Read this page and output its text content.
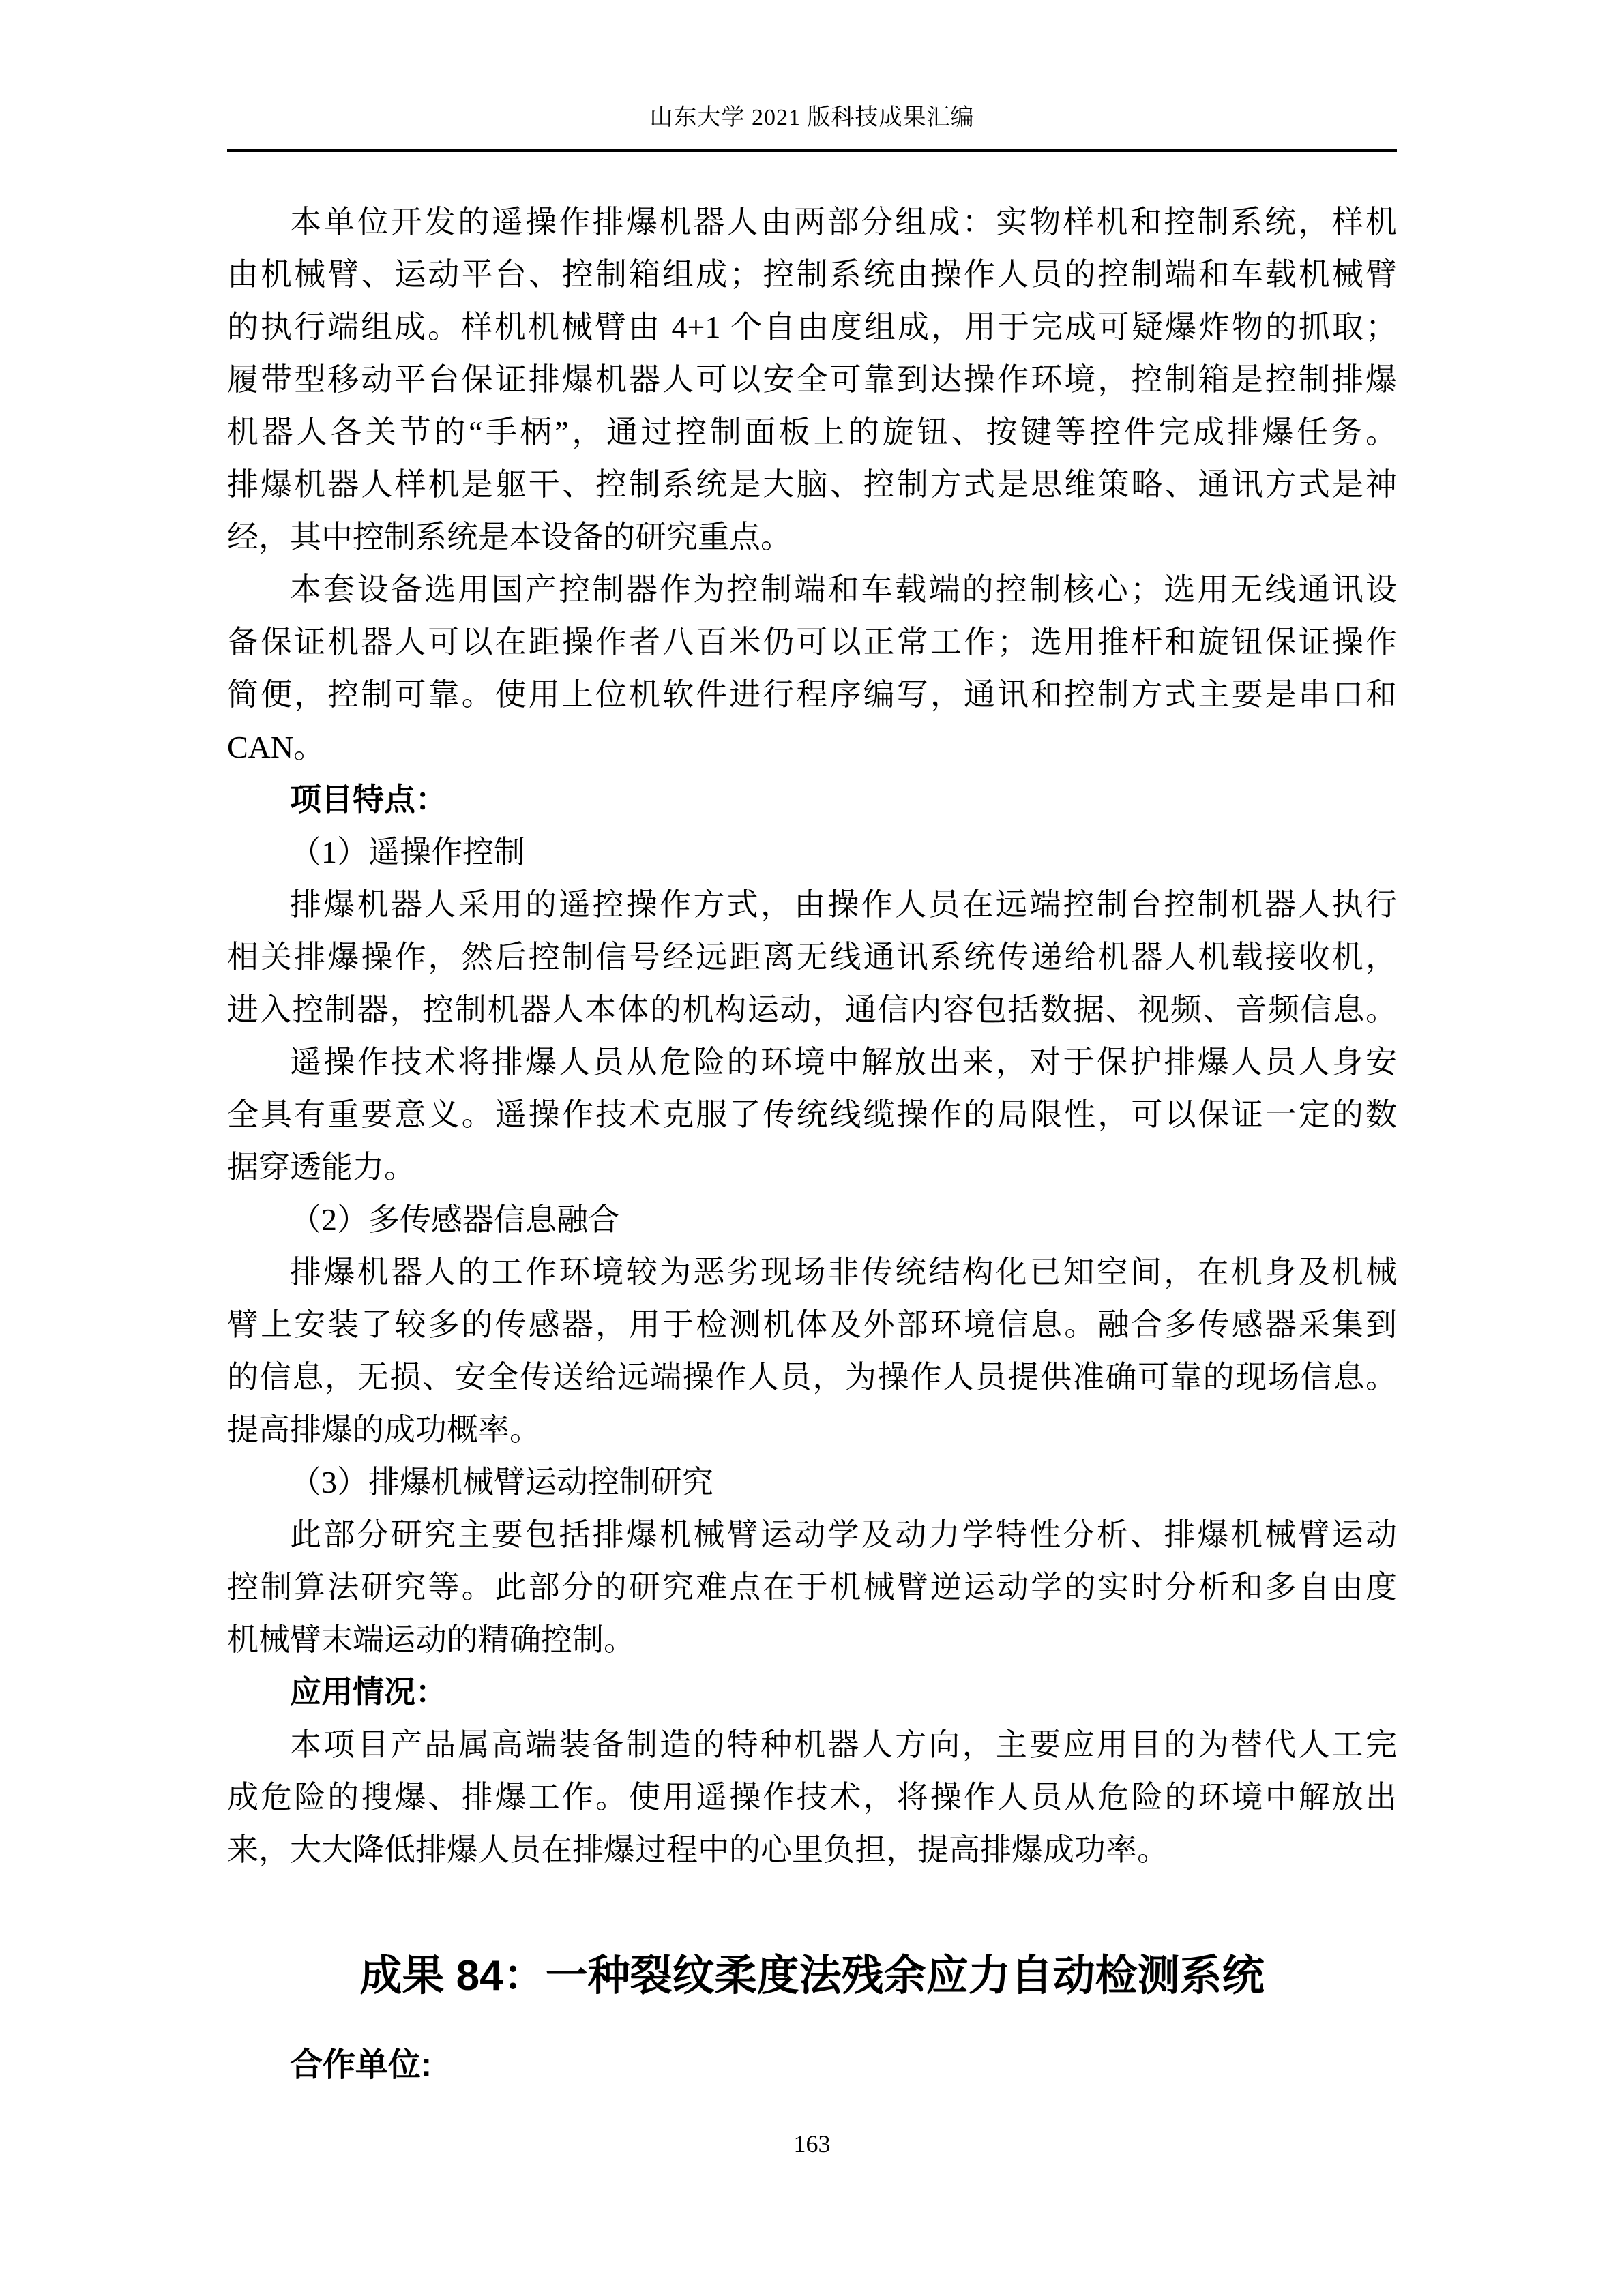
山东大学 2021 版科技成果汇编

本单位开发的遥操作排爆机器人由两部分组成：实物样机和控制系统，样机

由机械臂、运动平台、控制箱组成；控制系统由操作人员的控制端和车载机械臂

的执行端组成。样机机械臂由 4+1 个自由度组成，用于完成可疑爆炸物的抓取；

履带型移动平台保证排爆机器人可以安全可靠到达操作环境，控制箱是控制排爆

机器人各关节的“手柄”，通过控制面板上的旋钮、按键等控件完成排爆任务。

排爆机器人样机是躯干、控制系统是大脑、控制方式是思维策略、通讯方式是神

经，其中控制系统是本设备的研究重点。

本套设备选用国产控制器作为控制端和车载端的控制核心；选用无线通讯设

备保证机器人可以在距操作者八百米仍可以正常工作；选用推杆和旋钮保证操作

简便，控制可靠。使用上位机软件进行程序编写，通讯和控制方式主要是串口和

CAN。

项目特点：

（1）遥操作控制

排爆机器人采用的遥控操作方式，由操作人员在远端控制台控制机器人执行

相关排爆操作，然后控制信号经远距离无线通讯系统传递给机器人机载接收机，

进入控制器，控制机器人本体的机构运动，通信内容包括数据、视频、音频信息。

遥操作技术将排爆人员从危险的环境中解放出来，对于保护排爆人员人身安

全具有重要意义。遥操作技术克服了传统线缆操作的局限性，可以保证一定的数

据穿透能力。

（2）多传感器信息融合

排爆机器人的工作环境较为恶劣现场非传统结构化已知空间，在机身及机械

臂上安装了较多的传感器，用于检测机体及外部环境信息。融合多传感器采集到

的信息，无损、安全传送给远端操作人员，为操作人员提供准确可靠的现场信息。

提高排爆的成功概率。

（3）排爆机械臂运动控制研究

此部分研究主要包括排爆机械臂运动学及动力学特性分析、排爆机械臂运动

控制算法研究等。此部分的研究难点在于机械臂逆运动学的实时分析和多自由度

机械臂末端运动的精确控制。

应用情况：

本项目产品属高端装备制造的特种机器人方向，主要应用目的为替代人工完

成危险的搜爆、排爆工作。使用遥操作技术，将操作人员从危险的环境中解放出

来，大大降低排爆人员在排爆过程中的心里负担，提高排爆成功率。

成果 84：一种裂纹柔度法残余应力自动检测系统

合作单位:

163
